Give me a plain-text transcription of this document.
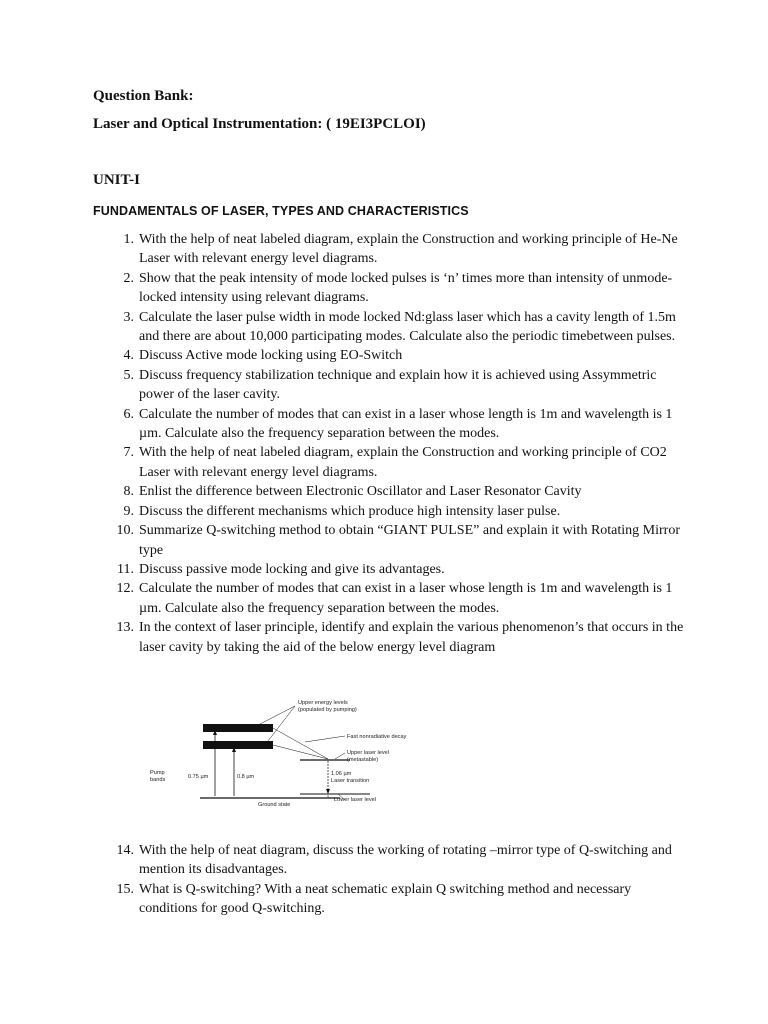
Question Bank:
Laser and Optical Instrumentation: ( 19EI3PCLOI)
UNIT-I
FUNDAMENTALS OF LASER, TYPES AND CHARACTERISTICS
1. With the help of neat labeled diagram, explain the Construction and working principle of He-Ne Laser with relevant energy level diagrams.
2. Show that the peak intensity of mode locked pulses is ‘n’ times more than intensity of unmode-locked intensity using relevant diagrams.
3. Calculate the laser pulse width in mode locked Nd:glass laser which has a cavity length of 1.5m and there are about 10,000 participating modes. Calculate also the periodic timebetween pulses.
4. Discuss Active mode locking using EO-Switch
5. Discuss frequency stabilization technique and explain how it is achieved using Assymmetric power of the laser cavity.
6. Calculate the number of modes that can exist in a laser whose length is 1m and wavelength is 1 µm. Calculate also the frequency separation between the modes.
7. With the help of neat labeled diagram, explain the Construction and working principle of CO2 Laser with relevant energy level diagrams.
8. Enlist the difference between Electronic Oscillator and Laser Resonator Cavity
9. Discuss the different mechanisms which produce high intensity laser pulse.
10. Summarize Q-switching method to obtain “GIANT PULSE” and explain it with Rotating Mirror type
11. Discuss passive mode locking and give its advantages.
12. Calculate the number of modes that can exist in a laser whose length is 1m and wavelength is 1 µm. Calculate also the frequency separation between the modes.
13. In the context of laser principle, identify and explain the various phenomenon’s that occurs in the laser cavity by taking the aid of the below energy level diagram
Upper energy levels
(populated by pumping)
Fast nonradiative decay
Upper laser level
(metastable)
Pump
bands	0.75 µm	0.8 µm	1.06 µm
Laser transition
Lower laser level
Ground state
14. With the help of neat diagram, discuss the working of rotating –mirror type of Q-switching and mention its disadvantages.
15. What is Q-switching? With a neat schematic explain Q switching method and necessary conditions for good Q-switching.
